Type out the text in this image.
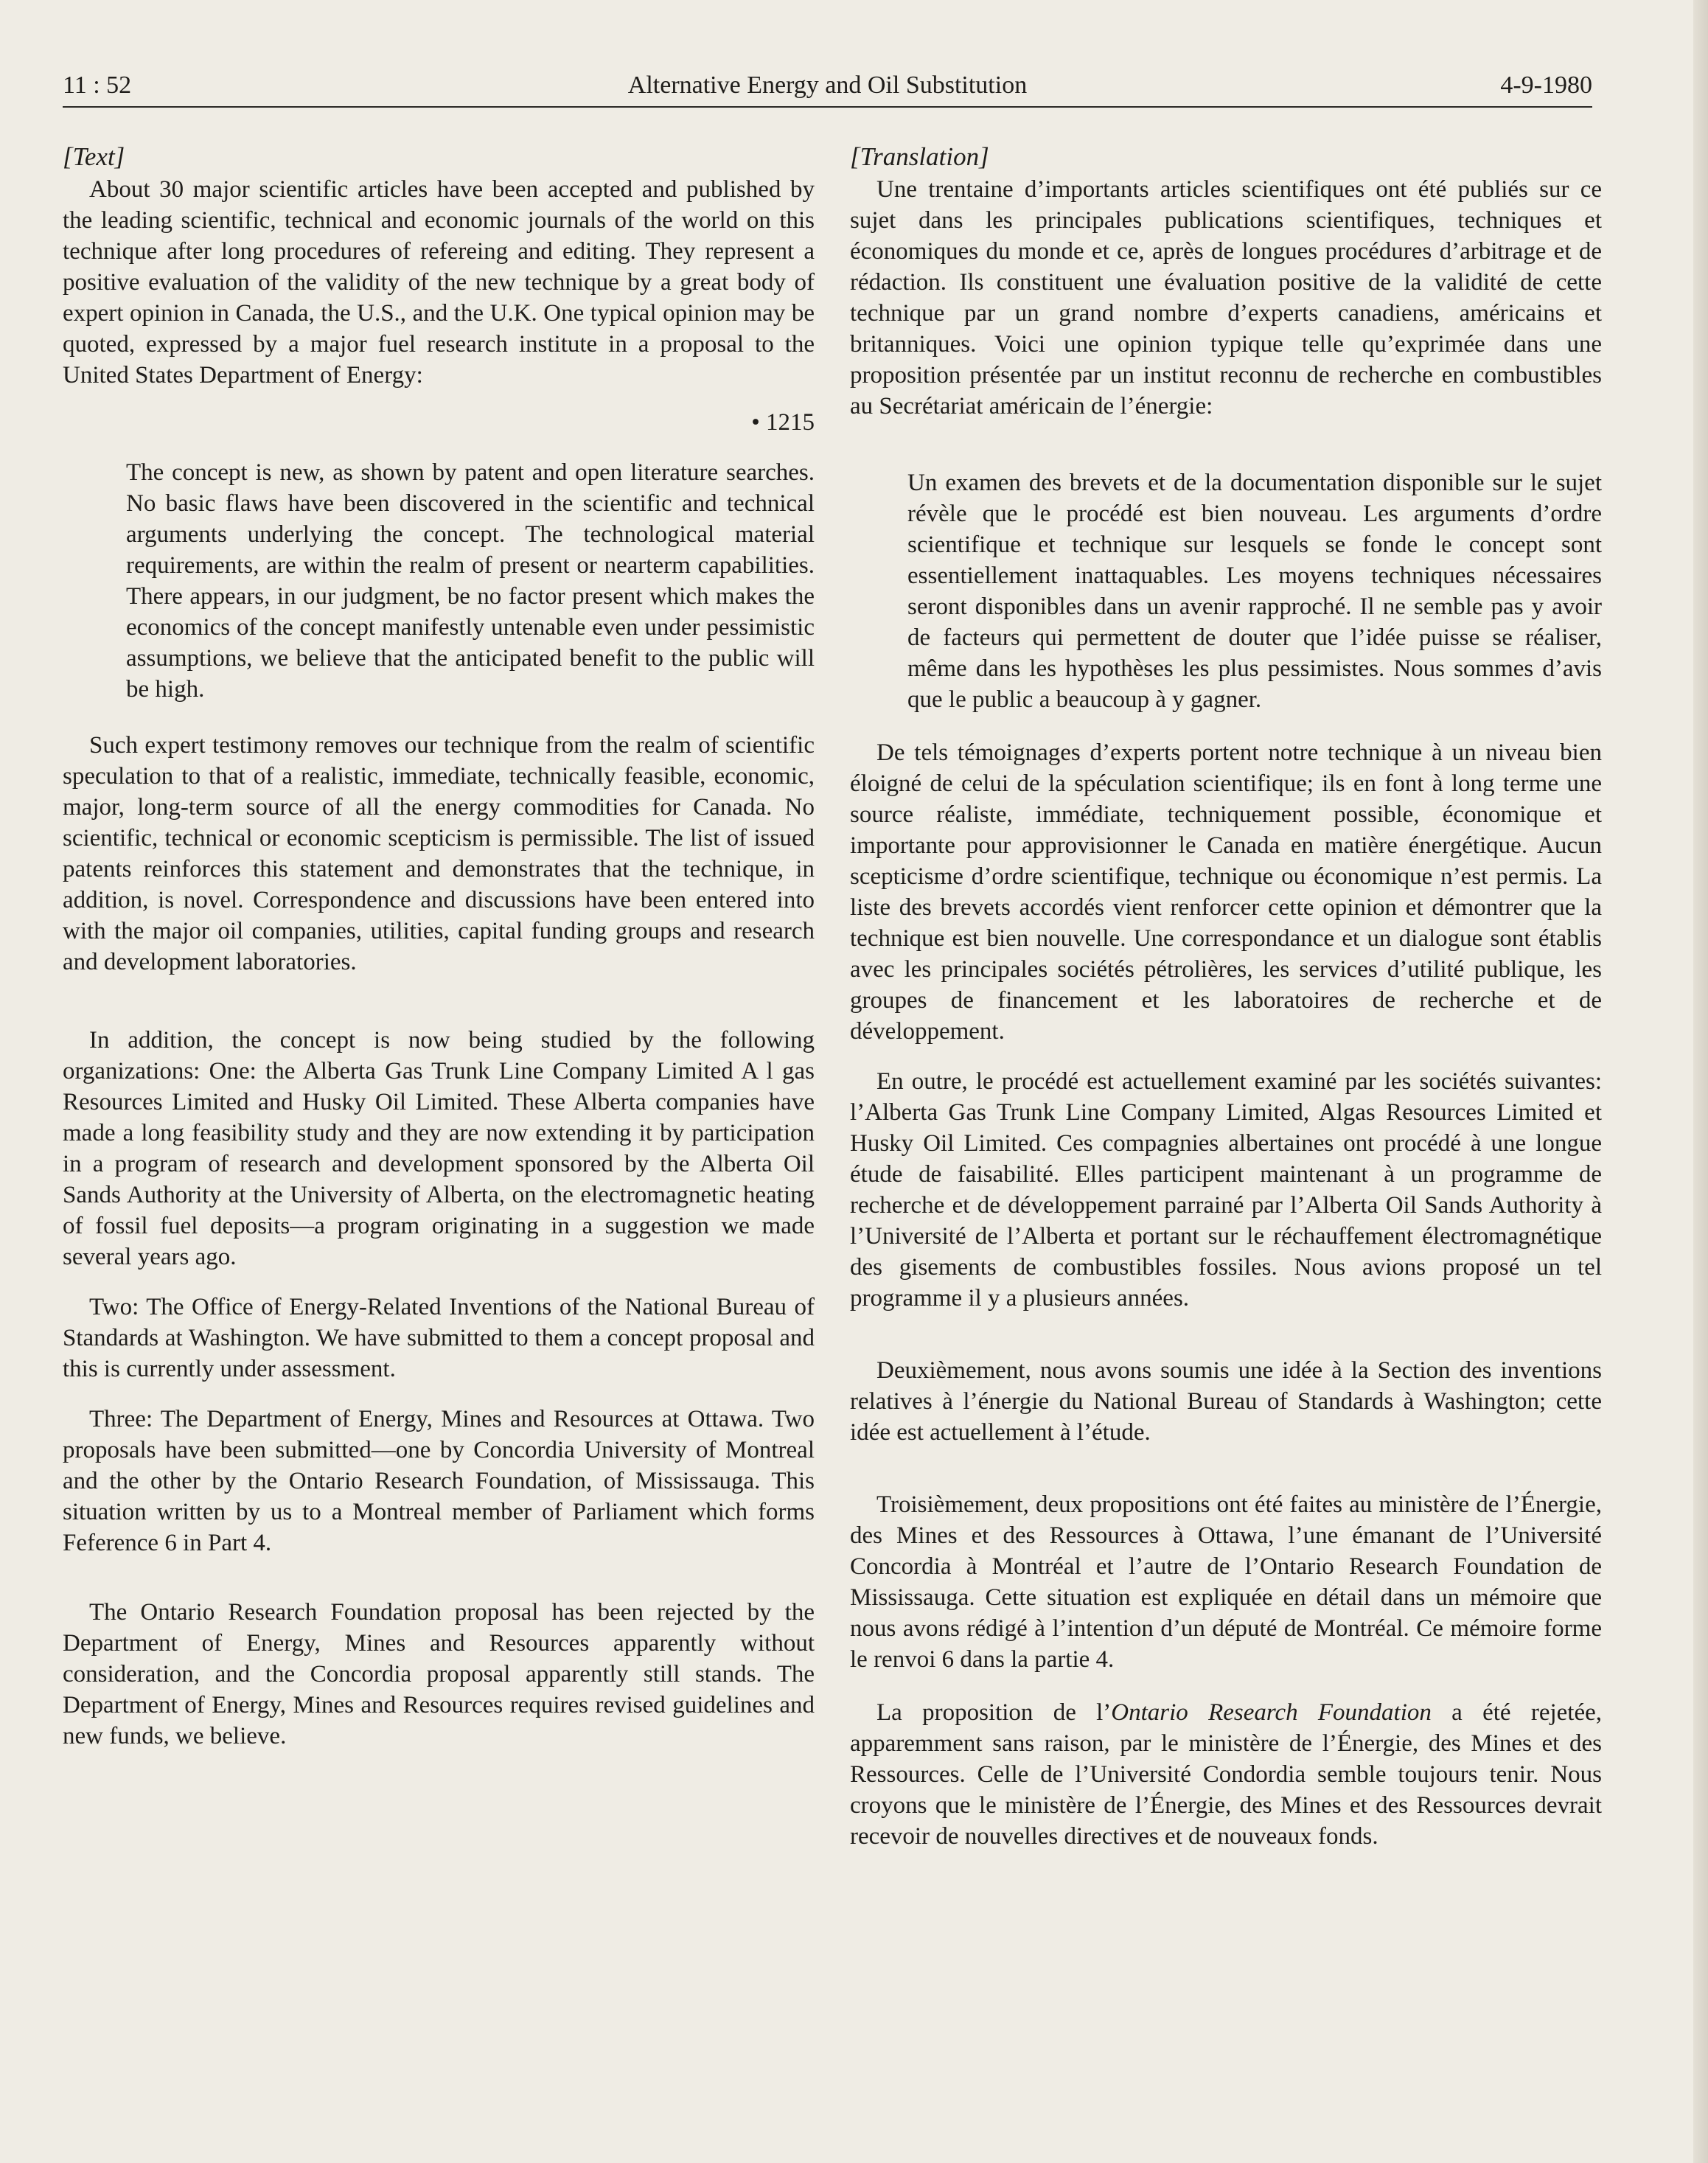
11 : 52	Alternative Energy and Oil Substitution	4-9-1980
[Text]

About 30 major scientific articles have been accepted and published by the leading scientific, technical and economic journals of the world on this technique after long procedures of refereing and editing. They represent a positive evaluation of the validity of the new technique by a great body of expert opinion in Canada, the U.S., and the U.K. One typical opinion may be quoted, expressed by a major fuel research institute in a proposal to the United States Department of Energy:

• 1215

The concept is new, as shown by patent and open literature searches. No basic flaws have been discovered in the scientific and technical arguments underlying the concept. The technological material requirements, are within the realm of present or nearterm capabilities. There appears, in our judgment, be no factor present which makes the economics of the concept manifestly untenable even under pessimistic assumptions, we believe that the anticipated benefit to the public will be high.

Such expert testimony removes our technique from the realm of scientific speculation to that of a realistic, immediate, technically feasible, economic, major, long-term source of all the energy commodities for Canada. No scientific, technical or economic scepticism is permissible. The list of issued patents reinforces this statement and demonstrates that the technique, in addition, is novel. Correspondence and discussions have been entered into with the major oil companies, utilities, capital funding groups and research and development laboratories.

In addition, the concept is now being studied by the following organizations: One: the Alberta Gas Trunk Line Company Limited A l gas Resources Limited and Husky Oil Limited. These Alberta companies have made a long feasibility study and they are now extending it by participation in a program of research and development sponsored by the Alberta Oil Sands Authority at the University of Alberta, on the electromagnetic heating of fossil fuel deposits—a program originating in a suggestion we made several years ago.

Two: The Office of Energy-Related Inventions of the National Bureau of Standards at Washington. We have submitted to them a concept proposal and this is currently under assessment.

Three: The Department of Energy, Mines and Resources at Ottawa. Two proposals have been submitted—one by Concordia University of Montreal and the other by the Ontario Research Foundation, of Mississauga. This situation written by us to a Montreal member of Parliament which forms Feference 6 in Part 4.

The Ontario Research Foundation proposal has been rejected by the Department of Energy, Mines and Resources apparently without consideration, and the Concordia proposal apparently still stands. The Department of Energy, Mines and Resources requires revised guidelines and new funds, we believe.

[Translation]

Une trentaine d’importants articles scientifiques ont été publiés sur ce sujet dans les principales publications scientifiques, techniques et économiques du monde et ce, après de longues procédures d’arbitrage et de rédaction. Ils constituent une évaluation positive de la validité de cette technique par un grand nombre d’experts canadiens, américains et britanniques. Voici une opinion typique telle qu’exprimée dans une proposition présentée par un institut reconnu de recherche en combustibles au Secrétariat américain de l’énergie:

Un examen des brevets et de la documentation disponible sur le sujet révèle que le procédé est bien nouveau. Les arguments d’ordre scientifique et technique sur lesquels se fonde le concept sont essentiellement inattaquables. Les moyens techniques nécessaires seront disponibles dans un avenir rapproché. Il ne semble pas y avoir de facteurs qui permettent de douter que l’idée puisse se réaliser, même dans les hypothèses les plus pessimistes. Nous sommes d’avis que le public a beaucoup à y gagner.

De tels témoignages d’experts portent notre technique à un niveau bien éloigné de celui de la spéculation scientifique; ils en font à long terme une source réaliste, immédiate, techniquement possible, économique et importante pour approvisionner le Canada en matière énergétique. Aucun scepticisme d’ordre scientifique, technique ou économique n’est permis. La liste des brevets accordés vient renforcer cette opinion et démontrer que la technique est bien nouvelle. Une correspondance et un dialogue sont établis avec les principales sociétés pétrolières, les services d’utilité publique, les groupes de financement et les laboratoires de recherche et de développement.

En outre, le procédé est actuellement examiné par les sociétés suivantes: l’Alberta Gas Trunk Line Company Limited, Algas Resources Limited et Husky Oil Limited. Ces compagnies albertaines ont procédé à une longue étude de faisabilité. Elles participent maintenant à un programme de recherche et de développement parrainé par l’Alberta Oil Sands Authority à l’Université de l’Alberta et portant sur le réchauffement électromagnétique des gisements de combustibles fossiles. Nous avions proposé un tel programme il y a plusieurs années.

Deuxièmement, nous avons soumis une idée à la Section des inventions relatives à l’énergie du National Bureau of Standards à Washington; cette idée est actuellement à l’étude.

Troisièmement, deux propositions ont été faites au ministère de l’Énergie, des Mines et des Ressources à Ottawa, l’une émanant de l’Université Concordia à Montréal et l’autre de l’Ontario Research Foundation de Mississauga. Cette situation est expliquée en détail dans un mémoire que nous avons rédigé à l’intention d’un député de Montréal. Ce mémoire forme le renvoi 6 dans la partie 4.

La proposition de l’Ontario Research Foundation a été rejetée, apparemment sans raison, par le ministère de l’Énergie, des Mines et des Ressources. Celle de l’Université Condordia semble toujours tenir. Nous croyons que le ministère de l’Énergie, des Mines et des Ressources devrait recevoir de nouvelles directives et de nouveaux fonds.
